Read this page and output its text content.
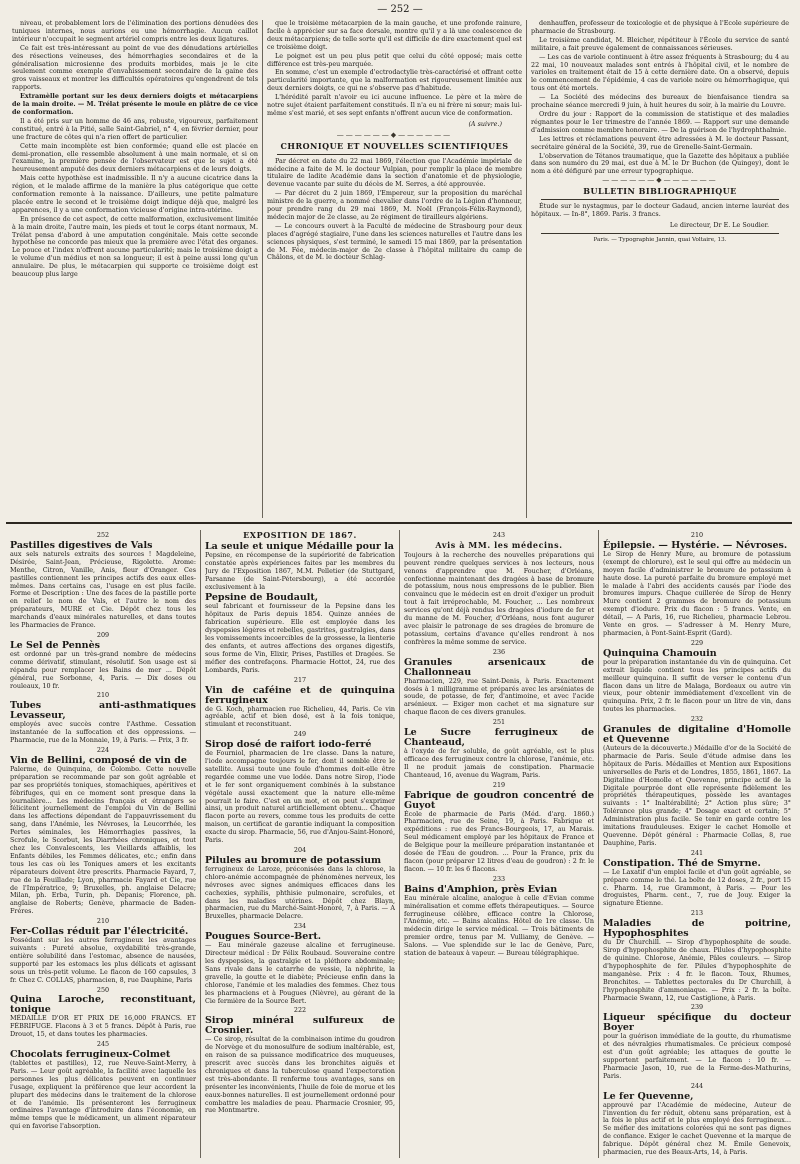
— 252 —

niveau, et probablement lors de l'élimination des portions dénudées des tuniques internes, nous aurions eu une hémorrhagie. Aucun caillot intérieur n'occupait le segment artériel compris entre les deux ligatures.

Ce fait est très-intéressant au point de vue des dénudations artérielles des résections veineuses, des hémorrhagies secondaires et de la généralisation microsienne des produits morbides, mais je le cite seulement comme exemple d'envahissement secondaire de la gaine des gros vaisseaux et montrer les difficultés opératoires qu'engendrent de tels rapports.

Extramèlle portant sur les deux derniers doigts et métacarpiens de la main droite. — M. Trélat présente le moule en plâtre de ce vice de conformation.

Il a été pris sur un homme de 46 ans, robuste, vigoureux, parfaitement constitué, entré à la Pitié, salle Saint-Gabriel, n° 4, en février dernier, pour une fracture de côtes qui n'a rien offert de particulier.

Cette main incomplète est bien conformée; quand elle est placée en demi-pronation, elle ressemble absolument à une main normale, et si on l'examine, la première pensée de l'observateur est que le sujet a été heureusement amputé des deux derniers métacarpiens et de leurs doigts.

Mais cette hypothèse est inadmissible. Il n'y a aucune cicatrice dans la région, et le malade affirme de la manière la plus catégorique que cette conformation remonte à la naissance. D'ailleurs, une petite palmature placée entre le second et le troisième doigt indique déjà que, malgré les apparences, il y a une conformation vicieuse d'origine intra-utérine.

En présence de cet aspect, de cette malformation, exclusivement limitée à la main droite, l'autre main, les pieds et tout le corps étant normaux, M. Trélat pensa d'abord à une amputation congénitale. Mais cette seconde hypothèse ne concorde pas mieux que la première avec l'état des organes. Le pouce et l'index n'offrent aucune particularité; mais le troisième doigt a le volume d'un médius et non sa longueur; il est à peine aussi long qu'un annulaire. De plus, le métacarpien qui supporte ce troisième doigt est beaucoup plus large

que le troisième métacarpien de la main gauche, et une profonde rainure, facile à apprécier sur sa face dorsale, montre qu'il y a là une coalescence de deux métacarpiens; de telle sorte qu'il est difficile de dire exactement quel est ce troisième doigt.

Le poignet est un peu plus petit que celui du côté opposé; mais cette différence est très-peu marquée.

En somme, c'est un exemple d'ectrodactylie très-caractérisé et offrant cette particularité importante, que la malformation est rigoureusement limitée aux deux derniers doigts, ce qui ne s'observe pas d'habitude.

L'hérédité paraît n'avoir eu ici aucune influence. Le père et la mère de notre sujet étaient parfaitement constitués. Il n'a eu ni frère ni sœur; mais lui-même s'est marié, et ses sept enfants n'offrent aucun vice de conformation.

(A suivre.)
——————◆——————
CHRONIQUE ET NOUVELLES SCIENTIFIQUES

Par décret en date du 22 mai 1869, l'élection que l'Académie impériale de médecine a faite de M. le docteur Vulpian, pour remplir la place de membre titulaire de ladite Académie dans la section d'anatomie et de physiologie, devenue vacante par suite du décès de M. Serres, a été approuvée.

— Par décret du 2 juin 1869, l'Empereur, sur la proposition du maréchal ministre de la guerre, a nommé chevalier dans l'ordre de la Légion d'honneur, pour prendre rang du 29 mai 1869, M. Noël (François-Félix-Raymond), médecin major de 2e classe, au 2e régiment de tirailleurs algériens.

— Le concours ouvert à la Faculté de médecine de Strasbourg pour deux places d'agrégé stagiaire, l'une dans les sciences naturelles et l'autre dans les sciences physiques, s'est terminé, le samedi 15 mai 1869, par la présentation de M. Fée, médecin-major de 2e classe à l'hôpital militaire du camp de Châlons, et de M. le docteur Schlag-

denhauffen, professeur de toxicologie et de physique à l'École supérieure de pharmacie de Strasbourg.

Le troisième candidat, M. Bleicher, répétiteur à l'École du service de santé militaire, a fait preuve également de connaissances sérieuses.

— Les cas de variole continuent à être assez fréquents à Strasbourg; du 4 au 22 mai, 10 nouveaux malades sont entrés à l'hôpital civil, et le nombre de varioles en traitement était de 15 à cette dernière date. On a observé, depuis le commencement de l'épidémie, 4 cas de variole noire ou hémorrhagique, qui tous ont été mortels.

— La Société des médecins des bureaux de bienfaisance tiendra sa prochaine séance mercredi 9 juin, à huit heures du soir, à la mairie du Louvre.

Ordre du jour : Rapport de la commission de statistique et des maladies régnantes pour le 1er trimestre de l'année 1869. — Rapport sur une demande d'admission comme membre honoraire. — De la guérison de l'hydrophthalmie.

Les lettres et réclamations peuvent être adressées à M. le docteur Passant, secrétaire général de la Société, 39, rue de Grenelle-Saint-Germain.

L'observation de Tétanos traumatique, que la Gazette des hôpitaux a publiée dans son numéro du 29 mai, est due à M. le Dr Buchon (de Quingey), dont le nom a été défiguré par une erreur typographique.

——————◆——————
BULLETIN BIBLIOGRAPHIQUE

Étude sur le nystagmus, par le docteur Gadaud, ancien interne lauréat des hôpitaux. — In-8°, 1869. Paris. 3 francs.

Le directeur, Dr E. Le Soudier.
Paris. — Typographie Jannin, quai Voltaire, 13.
252
Pastilles digestives de Vals

aux sels naturels extraits des sources ! Magdeleine, Désirée, Saint-Jean, Précieuse, Rigolette. Arome: Menthe, Citron, Vanille, Anis, fleur d'Oranger. Ces pastilles contiennent les principes actifs des eaux elles-mêmes. Dans certains cas, l'usage en est plus facile. Forme et Description : Une des faces de la pastille porte en relief le nom de Vals, et l'autre le nom des préparateurs, MURE et Cie. Dépôt chez tous les marchands d'eaux minérales naturelles, et dans toutes les Pharmacies de France.

209
Le Sel de Pennès

est ordonné par un très-grand nombre de médecins comme dérivatif, stimulant, résolutif. Son usage est si répandu pour remplacer les Bains de mer ... Dépôt général, rue Sorbonne, 4, Paris. — Dix doses ou rouleaux, 10 fr.

210
Tubes anti-asthmatiques Levasseur,

employés avec succès contre l'Asthme. Cessation instantanée de la suffocation et des oppressions. — Pharmacie, rue de la Monnaie, 19, à Paris. — Prix, 3 fr.

224
Vin de Bellini, composé de vin de

Palerme, de Quinquina, de Colombo. Cette nouvelle préparation se recommande par son goût agréable et par ses propriétés toniques, stomachiques, apéritives et fébrifuges, qui en ce moment sont presque dans la journalière... Les médecins français et étrangers se félicitent journellement de l'emploi du Vin de Bellini dans les affections dépendant de l'appauvrissement du sang, dans l'Anémie, les Névroses, la Leucorrhée, les Pertes séminales, les Hémorrhagies passives, la Scrofule, le Scorbut, les Diarrhées chroniques, et tout chez les Convalescents, les Vieillards affaiblis, les Enfants débiles, les Femmes délicates, etc.; enfin dans tous les cas où les Toniques amers et les excitants réparateurs doivent être prescrits. Pharmacie Fayard, 7, rue de la Feuillade; Lyon, pharmacie Fayard et Cie, rue de l'Impératrice, 9; Bruxelles, ph. anglaise Delacre; Milan, ph. Erba, Turin, ph. Depanis; Florence, ph. anglaise de Roberts; Genève, pharmacie de Baden-Fréres.

210
Fer-Collas réduit par l'électricité.

Possédant sur les autres ferrugineux les avantages suivants : Pureté absolue, oxydabilité très-grande, entière solubilité dans l'estomac, absence de nausées, supporté par les estomacs les plus délicats et agissant sous un très-petit volume. Le flacon de 160 capsules, 3 fr. Chez C. COLLAS, pharmacien, 8, rue Dauphine, Paris

250
Quina Laroche, reconstituant, tonique

MÉDAILLE D'OR ET PRIX DE 16,000 FRANCS. ET FÉBRIFUGE. Flacons à 3 et 5 francs. Dépôt à Paris, rue Drouot, 15, et dans toutes les pharmacies.

245
Chocolats ferrugineux-Colmet

(tablettes et pastilles), 12, rue Neuve-Saint-Merry, à Paris. — Leur goût agréable, la facilité avec laquelle les personnes les plus délicates peuvent en continuer l'usage, expliquent la préférence que leur accordent la plupart des médecins dans le traitement de la chlorose et de l'anémie. Ils présenteront les ferrugineux ordinaires l'avantage d'introduire dans l'économie, en même temps que le médicament, un aliment réparateur qui en favorise l'absorption.

EXPOSITION DE 1867.
La seule et unique Médaille pour la

Pepsine, en récompense de la supériorité de fabrication constatée après expériences faites par les membres du Jury de l'Exposition 1867, M.M. Pelletier (de Stuttgard, Parsanne (de Saint-Pétersbourg), a été accordée exclusivement à la

Pepsine de Boudault,

seul fabricant et fournisseur de la Pepsine dans les hôpitaux de Paris depuis 1854. Quinze années de fabrication supérieure. Elle est employée dans les dyspepsies légères et rebelles, gastrites, gastralgies, dans les vomissements incoercibles de la grossesse, la lienterie des enfants, et autres affections des organes digestifs, sous forme de Vin, Elixir, Prises, Pastilles et Dragées. Se méfier des contrefaçons. Pharmacie Hottot, 24, rue des Lombards, Paris.

217
Vin de caféine et de quinquina ferrugineux

de G. Koch, pharmacien rue Richelieu, 44, Paris. Ce vin agréable, actif et bien dosé, est à la fois tonique, stimulant et reconstituant.

249
Sirop dosé de raifort iodo-ferré

de Fourniol, pharmacien de 1re classe. Dans la nature, l'iode accompagne toujours le fer, dont il semble être le satellite. Aussi toute une foule d'hommes doit-elle être regardée comme une vue lodée. Dans notre Sirop, l'iode et le fer sont organiquement combinés à la substance végétale aussi exactement que la nature elle-même pourrait le faire. C'est en un mot, et on peut s'exprimer ainsi, un produit naturel artificiellement obtenu... Chaque flacon porte au revers, comme tous les produits de cette maison, un certificat de garantie indiquant la composition exacte du sirop. Pharmacie, 56, rue d'Anjou-Saint-Honoré, Paris.

204
Pilules au bromure de potassium

ferrugineux de Laroze, préconisées dans la chlorose, la chloro-anémie accompagnée de phénomènes nerveux, les névroses avec signes anémiques efficaces dans les cachexies, syphilis, phthisie pulmonaire, scrofules, et dans les maladies utérines. Dépôt chez Blayn, pharmacien, rue du Marché-Saint-Honoré, 7, à Paris. — A Bruxelles, pharmacie Delacre.

234
Pougues Source-Bert.

— Eau minérale gazeuse alcaline et ferrugineuse. Directeur médical : Dr Félix Roubaud. Souveraine contre les dyspepsies, la gastralgie et la pléthore abdominale; Sans rivale dans le catarrhe de vessie, la néphrite, la gravelle, la goutte et le diabète; Précieuse enfin dans la chlorose, l'anémie et les maladies des femmes. Chez tous les pharmaciens et à Pougues (Nièvre), au gérant de la Cie fermière de la Source Bert.

222
Sirop minéral sulfureux de Crosnier.

— Ce sirop, résultat de la combinaison intime du goudron de Norvège et du monosulfure de sodium inaltérable, est, en raison de sa puissance modificatrice des muqueuses, prescrit avec succès dans les bronchites aiguës et chroniques et dans la tuberculose quand l'expectoration est très-abondante. Il renferme tous avantages, sans en présenter les inconvénients, l'huile de foie de morue et les eaux-bonnes naturelles. Il est journellement ordonné pour combattre les maladies de peau. Pharmacie Crosnier, 95, rue Montmartre.

243
Avis à MM. les médecins.

Toujours à la recherche des nouvelles préparations qui peuvent rendre quelques services à nos lecteurs, nous venons d'apprendre que M. Foucher, d'Orléans, confectionne maintenant des dragées à base de bromure de potassium, nous nous empressons de le publier. Bien convaincu que le médecin est en droit d'exiger un produit tout à fait irréprochable, M. Foucher, ... Les nombreux services qu'ont déjà rendus les dragées d'iodure de fer et du manne de M. Foucher, d'Orléans, nous font augurer avec plaisir le patronage de ses dragées de bromure de potassium, certains d'avance qu'elles rendront à nos confrères la même somme de service.

236
Granules arsenicaux de Challonneau

Pharmacien, 229, rue Saint-Denis, à Paris. Exactement dosés à 1 milligramme et préparés avec les arséniates de soude, de potasse, de fer, d'antimoine, et avec l'acide arsénieux. — Exiger mon cachet et ma signature sur chaque flacon de ces divers granules.

251
Le Sucre ferrugineux de Chanteaud,

à l'oxyde de fer soluble, de goût agréable, est le plus efficace des ferrugineux contre la chlorose, l'anémie, etc. Il ne produit jamais de constipation. Pharmacie Chanteaud, 16, avenue du Wagram, Paris.

219
Fabrique de goudron concentré de Guyot

École de pharmacie de Paris (Méd. d'arg. 1860.) Pharmacien, rue de Seine, 19, à Paris. Fabrique et expéditions : rue des Francs-Bourgeois, 17, au Marais. Seul médicament employé par les hôpitaux de France et de Belgique pour la meilleure préparation instantanée et dosée de l'Eau de goudron. ... Pour la France, prix du flacon (pour préparer 12 litres d'eau de goudron) : 2 fr. le flacon. — 10 fr. les 6 flacons.

233
Bains d'Amphion, près Evian

Eau minérale alcaline, analogue à celle d'Evian comme minéralisation et comme effets thérapeutiques. — Source ferrugineuse célèbre, efficace contre la Chlorose, l'Anémie, etc. — Bains alcalins. Hôtel de 1re classe. Un médecin dirige le service médical. — Trois bâtiments de premier ordre, tenus par M. Vulliamy, de Genève. — Salons. — Vue splendide sur le lac de Genève, Parc, station de bateaux à vapeur. — Bureau télégraphique.

210
Épilepsie. — Hystérie. — Névroses.

Le Sirop de Henry Mure, au bromure de potassium (exempt de chlorure), est le seul qui offre au médecin un moyen facile d'administrer le bromure de potassium à haute dose. La pureté parfaite du bromure employé met le malade à l'abri des accidents causés par l'iode des bromures impurs. Chaque cuillerée de Sirop de Henry Mure contient 2 grammes de bromure de potassium exempt d'iodure. Prix du flacon : 5 francs. Vente, en détail, — A Paris, 16, rue Richelieu, pharmacie Lebrou. Vente en gros. — S'adresser à M. Henry Mure, pharmacien, à Pont-Saint-Esprit (Gard).

229
Quinquina Chamouin

pour la préparation instantanée du vin de quinquina. Cet extrait liquide contient tous les principes actifs du meilleur quinquina. Il suffit de verser le contenu d'un flacon dans un litre de Malaga, Bordeaux ou autre vin vieux, pour obtenir immédiatement d'excellent vin de quinquina. Prix, 2 fr. le flacon pour un litre de vin, dans toutes les pharmacies.

232
Granules de digitaline d'Homolle et Quevenne

(Auteurs de la découverte.) Médaille d'or de la Société de pharmacie de Paris. Seule d'étude admise dans les hôpitaux de Paris. Médailles et Mention aux Expositions universelles de Paris et de Londres, 1855, 1861, 1867. La Digitaline d'Homolle et Quevenne, principe actif de la Digitale pourprée dont elle représente fidèlement les propriétés thérapeutiques, possède les avantages suivants : 1° Inaltérabilité; 2° Action plus sûre; 3° Tolérance plus grande; 4° Dosage exact et certain; 5° Administration plus facile. Se tenir en garde contre les imitations frauduleuses. Exiger le cachet Homolle et Quevenne. Dépôt général : Pharmacie Collas, 8, rue Dauphine, Paris.

241
Constipation. Thé de Smyrne.

— Le Laxatif d'un emploi facile et d'un goût agréable, se prépare comme le thé. La boîte de 12 doses, 2 fr., port 15 c. Pharm. 14, rue Grammont, à Paris. — Pour les droguistes, Pharm. cent., 7, rue de Jouy. Exiger la signature Étienne.

213
Maladies de poitrine, Hypophosphites

du Dr Churchill. — Sirop d'hypophosphite de soude. Sirop d'hypophosphite de chaux. Pilules d'hypophosphite de quinine. Chlorose, Anémie, Pâles couleurs. — Sirop d'hypophosphite de fer. Pilules d'hypophosphite de manganèse. Prix : 4 fr. le flacon. Toux, Rhumes, Bronchites. — Tablettes pectorales du Dr Churchill, à l'hypophosphite d'ammoniaque. — Prix : 2 fr. la boîte. Pharmacie Swann, 12, rue Castiglione, à Paris.

239
Liqueur spécifique du docteur Boyer

pour la guérison immédiate de la goutte, du rhumatisme et des névralgies rhumatismales. Ce précieux composé est d'un goût agréable; les attaques de goutte le supportent parfaitement. — Le flacon : 10 fr. — Pharmacie Jason, 10, rue de la Ferme-des-Mathurins, Paris.

244
Le fer Quevenne,

approuvé par l'Académie de médecine, Auteur de l'invention du fer réduit, obtenu sans préparation, est à la fois le plus actif et le plus employé des ferrugineux... Se méfier des imitations colorées qui ne sont pas dignes de confiance. Exiger le cachet Quevenne et la marque de fabrique. Dépôt général chez M. Émile Genevoix, pharmacien, rue des Beaux-Arts, 14, à Paris.
